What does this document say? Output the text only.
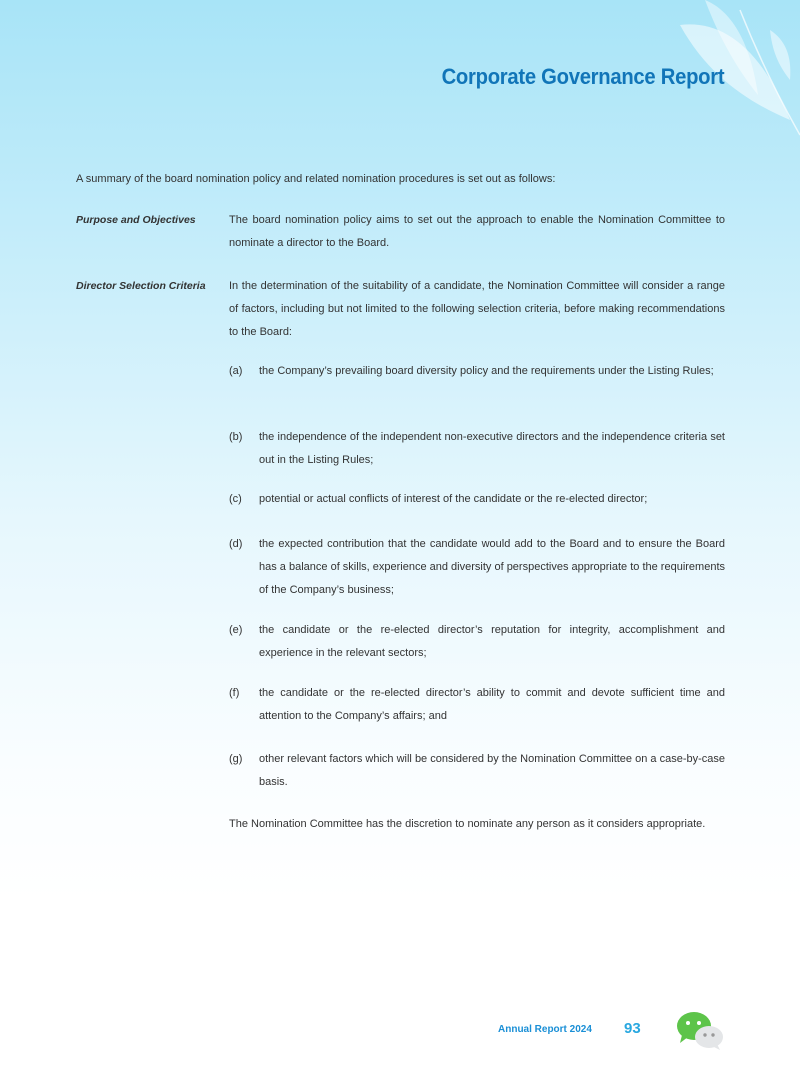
Corporate Governance Report
A summary of the board nomination policy and related nomination procedures is set out as follows:
Purpose and Objectives	The board nomination policy aims to set out the approach to enable the Nomination Committee to nominate a director to the Board.
Director Selection Criteria	In the determination of the suitability of a candidate, the Nomination Committee will consider a range of factors, including but not limited to the following selection criteria, before making recommendations to the Board:
(a) the Company’s prevailing board diversity policy and the requirements under the Listing Rules;
(b) the independence of the independent non-executive directors and the independence criteria set out in the Listing Rules;
(c) potential or actual conflicts of interest of the candidate or the re-elected director;
(d) the expected contribution that the candidate would add to the Board and to ensure the Board has a balance of skills, experience and diversity of perspectives appropriate to the requirements of the Company’s business;
(e) the candidate or the re-elected director’s reputation for integrity, accomplishment and experience in the relevant sectors;
(f) the candidate or the re-elected director’s ability to commit and devote sufficient time and attention to the Company’s affairs; and
(g) other relevant factors which will be considered by the Nomination Committee on a case-by-case basis.
The Nomination Committee has the discretion to nominate any person as it considers appropriate.
Annual Report 2024 93
